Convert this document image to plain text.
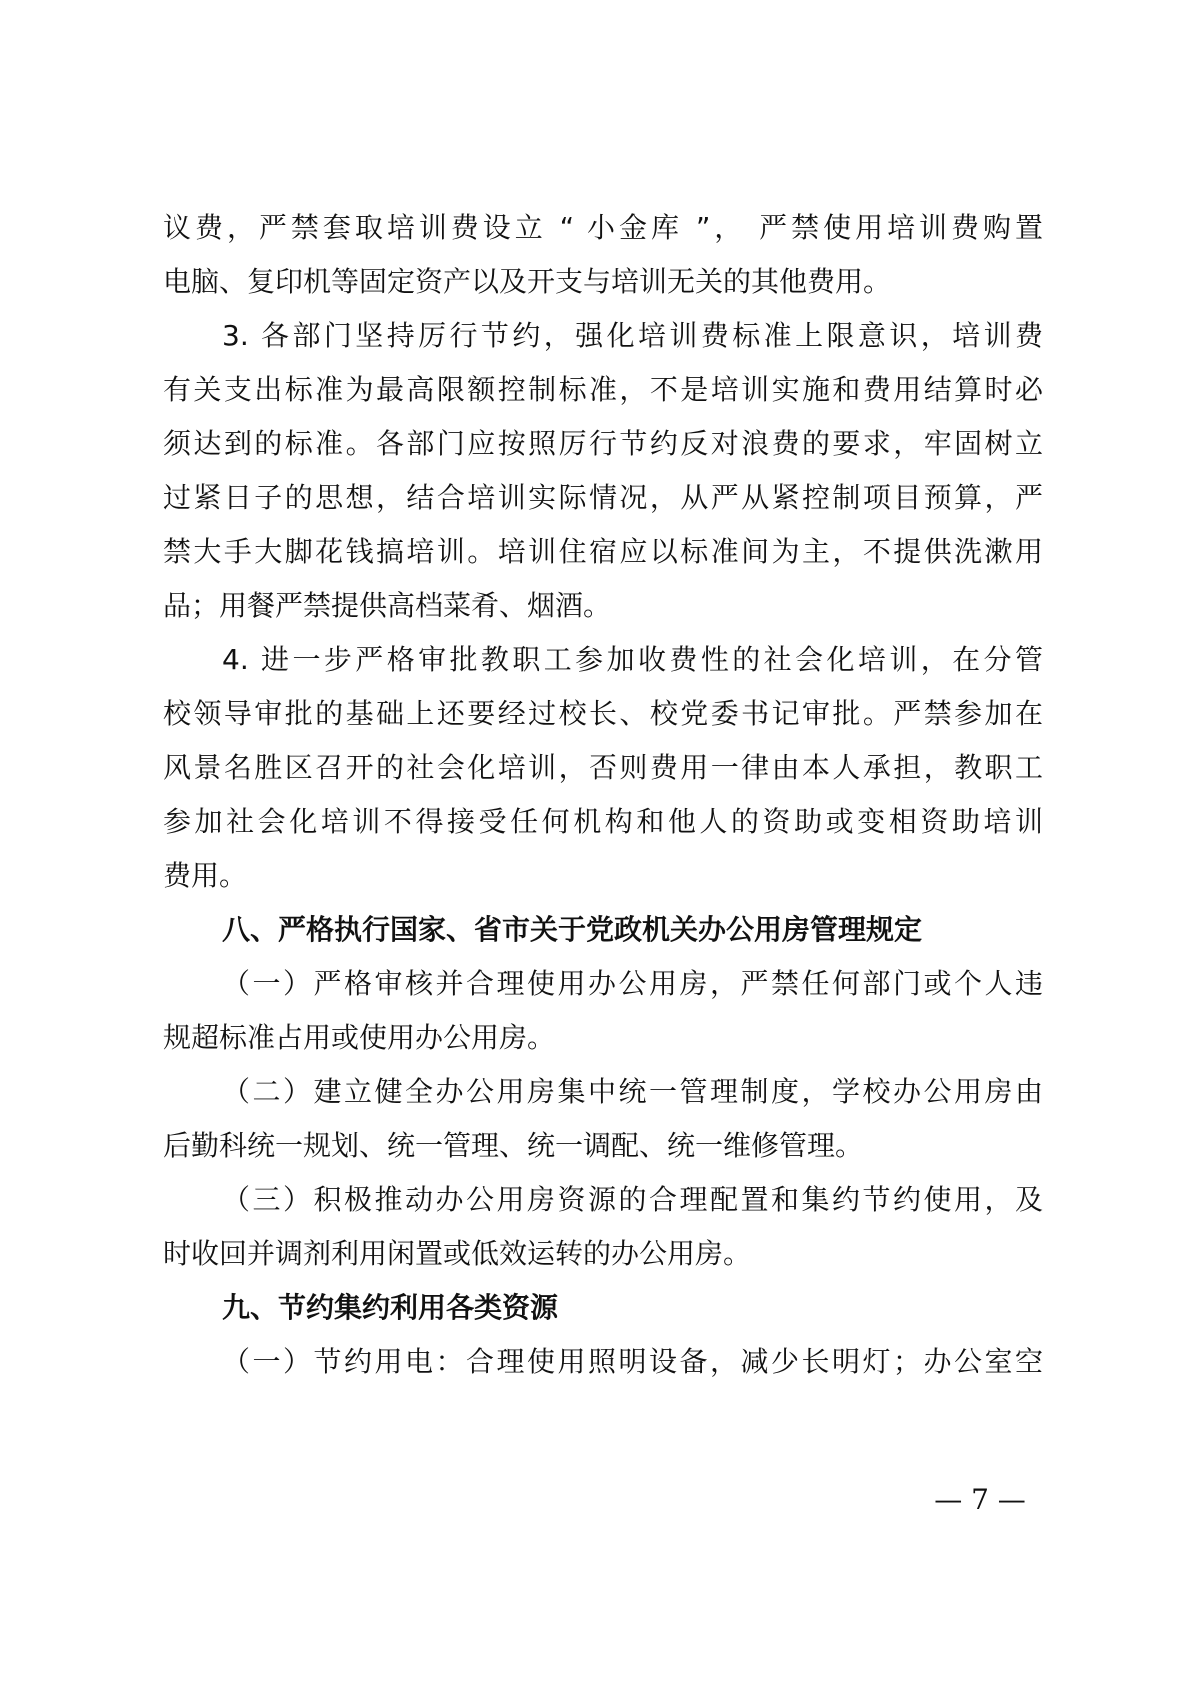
议费，严禁套取培训费设立 “ 小金库 ”， 严禁使用培训费购置
电脑、复印机等固定资产以及开支与培训无关的其他费用。
3. 各部门坚持厉行节约，强化培训费标准上限意识，培训费
有关支出标准为最高限额控制标准，不是培训实施和费用结算时必
须达到的标准。各部门应按照厉行节约反对浪费的要求，牢固树立
过紧日子的思想，结合培训实际情况，从严从紧控制项目预算，严
禁大手大脚花钱搞培训。培训住宿应以标准间为主，不提供洗漱用
品；用餐严禁提供高档菜肴、烟酒。
4. 进一步严格审批教职工参加收费性的社会化培训，在分管
校领导审批的基础上还要经过校长、校党委书记审批。严禁参加在
风景名胜区召开的社会化培训，否则费用一律由本人承担，教职工
参加社会化培训不得接受任何机构和他人的资助或变相资助培训
费用。
八、严格执行国家、省市关于党政机关办公用房管理规定
（一）严格审核并合理使用办公用房，严禁任何部门或个人违
规超标准占用或使用办公用房。
（二）建立健全办公用房集中统一管理制度，学校办公用房由
后勤科统一规划、统一管理、统一调配、统一维修管理。
（三）积极推动办公用房资源的合理配置和集约节约使用，及
时收回并调剂利用闲置或低效运转的办公用房。
九、节约集约利用各类资源
（一）节约用电：合理使用照明设备，减少长明灯；办公室空
— 7 —
